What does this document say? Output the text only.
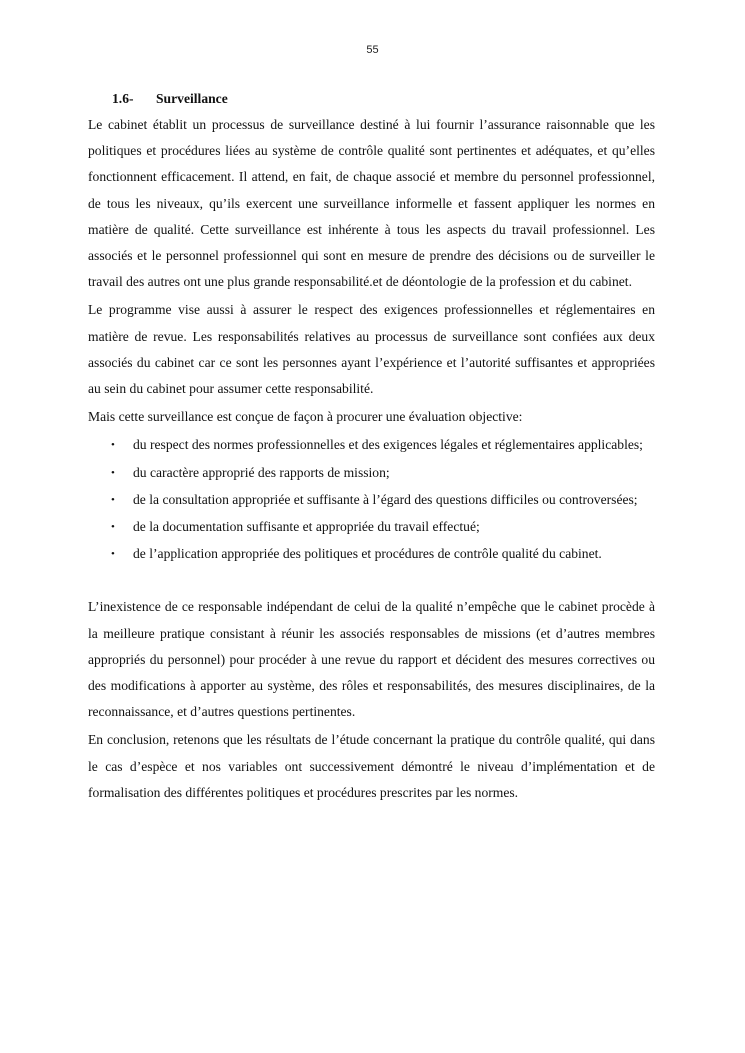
55
1.6-	Surveillance

Le cabinet établit un processus de surveillance destiné à lui fournir l’assurance raisonnable que les politiques et procédures liées au système de contrôle qualité sont pertinentes et adéquates, et qu’elles fonctionnent efficacement. Il attend, en fait, de chaque associé et membre du personnel professionnel, de tous les niveaux, qu’ils exercent une surveillance informelle et fassent appliquer les normes en matière de qualité. Cette surveillance est inhérente à tous les aspects du travail professionnel. Les associés et le personnel professionnel qui sont en mesure de prendre des décisions ou de surveiller le travail des autres ont une plus grande responsabilité.et de déontologie de la profession et du cabinet.

Le programme vise aussi à assurer le respect des exigences professionnelles et réglementaires en matière de revue. Les responsabilités relatives au processus de surveillance sont confiées aux deux associés du cabinet car ce sont les personnes ayant l’expérience et l’autorité suffisantes et appropriées au sein du cabinet pour assumer cette responsabilité.

Mais cette surveillance est conçue de façon à procurer une évaluation objective:

• du respect des normes professionnelles et des exigences légales et réglementaires applicables;
• du caractère approprié des rapports de mission;
• de la consultation appropriée et suffisante à l’égard des questions difficiles ou controversées;
• de la documentation suffisante et appropriée du travail effectué;
• de l’application appropriée des politiques et procédures de contrôle qualité du cabinet.

L’inexistence de ce responsable indépendant de celui de la qualité n’empêche que le cabinet procède à la meilleure pratique consistant à réunir les associés responsables de missions (et d’autres membres appropriés du personnel) pour procéder à une revue du rapport et décident des mesures correctives ou des modifications à apporter au système, des rôles et responsabilités, des mesures disciplinaires, de la reconnaissance, et d’autres questions pertinentes.

En conclusion, retenons que les résultats de l’étude concernant la pratique du contrôle qualité, qui dans le cas d’espèce et nos variables ont successivement démontré le niveau d’implémentation et de formalisation des différentes politiques et procédures prescrites par les normes.
